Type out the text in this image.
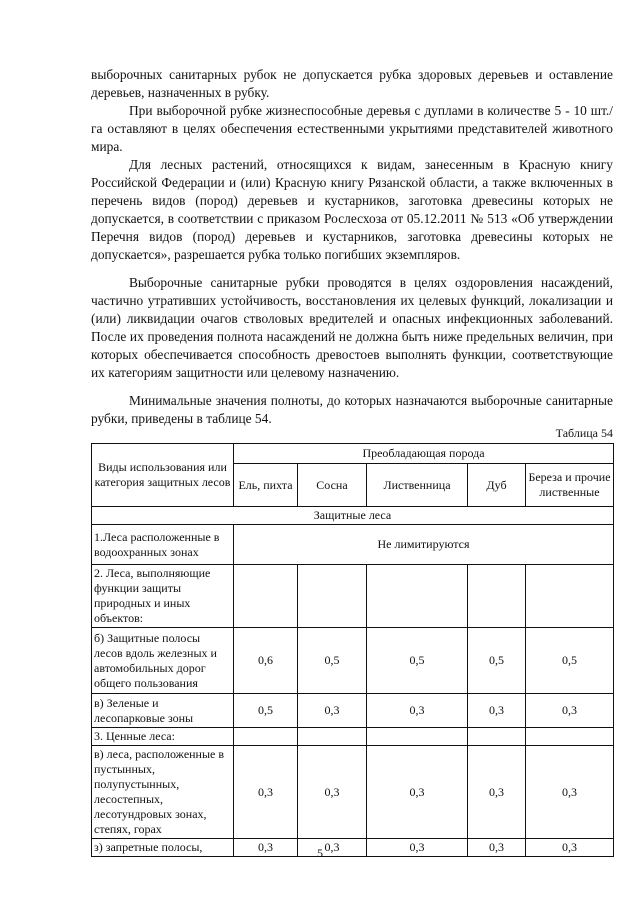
выборочных санитарных рубок не допускается рубка здоровых деревьев и оставление деревьев, назначенных в рубку.

При выборочной рубке жизнеспособные деревья с дуплами в количестве 5 - 10 шт./га оставляют в целях обеспечения естественными укрытиями представителей животного мира.

Для лесных растений, относящихся к видам, занесенным в Красную книгу Российской Федерации и (или) Красную книгу Рязанской области, а также включенных в перечень видов (пород) деревьев и кустарников, заготовка древесины которых не допускается, в соответствии с приказом Рослесхоза от 05.12.2011 № 513 «Об утверждении Перечня видов (пород) деревьев и кустарников, заготовка древесины которых не допускается», разрешается рубка только погибших экземпляров.

Выборочные санитарные рубки проводятся в целях оздоровления насаждений, частично утративших устойчивость, восстановления их целевых функций, локализации и (или) ликвидации очагов стволовых вредителей и опасных инфекционных заболеваний. После их проведения полнота насаждений не должна быть ниже предельных величин, при которых обеспечивается способность древостоев выполнять функции, соответствующие их категориям защитности или целевому назначению.

Минимальные значения полноты, до которых назначаются выборочные санитарные рубки, приведены в таблице 54.

Таблица 54
Виды использования или категория защитных лесов	Преобладающая порода				
	Ель, пихта	Сосна	Лиственница	Дуб	Береза и прочие лиственные
Защитные леса					
1.Леса расположенные в водоохранных зонах	Не лимитируются				
2. Леса, выполняющие функции защиты природных и иных объектов:					
б) Защитные полосы лесов вдоль железных и автомобильных дорог общего пользования	0,6	0,5	0,5	0,5	0,5
в) Зеленые и лесопарковые зоны	0,5	0,3	0,3	0,3	0,3
3. Ценные леса:					
в) леса, расположенные в пустынных, полупустынных, лесостепных, лесотундровых зонах, степях, горах	0,3	0,3	0,3	0,3	0,3
з) запретные полосы,	0,3	0,3	0,3	0,3	0,3
5
